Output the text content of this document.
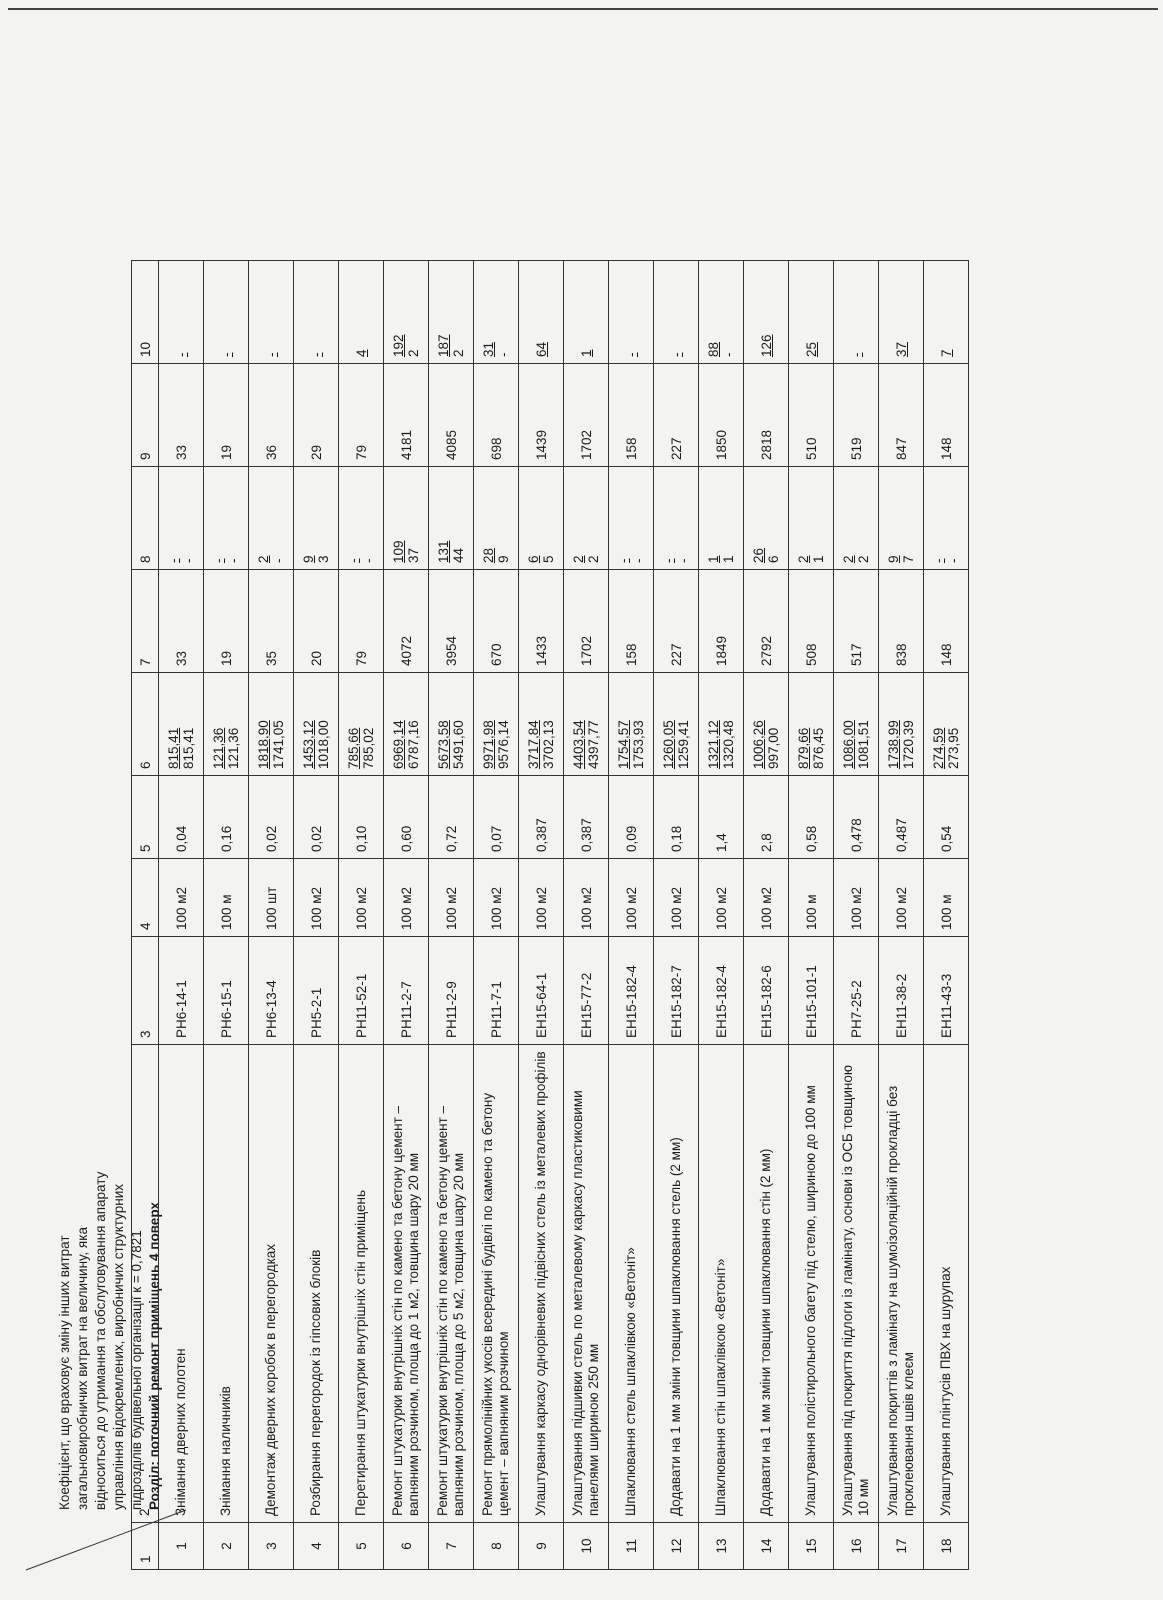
Коефіцієнт, що враховує зміну інших витрат загальновиробничих витрат на величину, яка відноситься до утримання та обслуговування апарату управління відокремлених, виробничих структурних підрозділів будівельної організації к = 0,7821 Розділ: поточний ремонт приміщень 4 поверх
1	2	3	4	5	6	7	8	9	10
1	Знімання дверних полотен	РН6-14-1	100 м2	0,04	815,41 815,41	33	- -	33	-

2	Знімання наличників	РН6-15-1	100 м	0,16	121,36 121,36	19	- -	19	-

3	Демонтаж дверних коробок в перегородках	РН6-13-4	100 шт	0,02	1818,90 1741,05	35	2 -	36	-

4	Розбирання перегородок із гіпсових блоків	РН5-2-1	100 м2	0,02	1453,12 1018,00	20	9 3	29	-

5	Перетирання штукатурки внутрішніх стін приміщень	РН11-52-1	100 м2	0,10	785,66 785,02	79	- -	79	4

6	Ремонт штукатурки внутрішніх стін по камено та бетону цемент – вапняним розчином, площа до 1 м2, товщина шару 20 мм	РН11-2-7	100 м2	0,60	6969,14 6787,16	4072	109 37	4181	192 2

7	Ремонт штукатурки внутрішніх стін по камено та бетону цемент – вапняним розчином, площа до 5 м2, товщина шару 20 мм	РН11-2-9	100 м2	0,72	5673,58 5491,60	3954	131 44	4085	187 2

8	Ремонт прямолінійних укосів всередині будівлі по камено та бетону цемент – вапняним розчином	РН11-7-1	100 м2	0,07	9971,98 9576,14	670	28 9	698	31 -

9	Улаштування каркасу однорівневих підвісних стель із металевих профілів	ЕН15-64-1	100 м2	0,387	3717,84 3702,13	1433	6 5	1439	64

10	Улаштування підшивки стель по металевому каркасу пластиковими панелями шириною 250 мм	ЕН15-77-2	100 м2	0,387	4403,54 4397,77	1702	2 2	1702	1

11	Шпаклювання стель шпаклівкою «Ветоніт»	ЕН15-182-4	100 м2	0,09	1754,57 1753,93	158	- -	158	-

12	Додавати на 1 мм зміни товщини шпаклювання стель (2 мм)	ЕН15-182-7	100 м2	0,18	1260,05 1259,41	227	- -	227	-

13	Шпаклювання стін шпаклівкою «Ветоніт»	ЕН15-182-4	100 м2	1,4	1321,12 1320,48	1849	1 1	1850	88 -

14	Додавати на 1 мм зміни товщини шпаклювання стін (2 мм)	ЕН15-182-6	100 м2	2,8	1006,26 997,00	2792	26 6	2818	126

15	Улаштування полістирольного багету під стелю, шириною до 100 мм	ЕН15-101-1	100 м	0,58	879,66 876,45	508	2 1	510	25

16	Улаштування під покриття підлоги із ламінату, основи із ОСБ товщиною 10 мм	РН7-25-2	100 м2	0,478	1086,00 1081,51	517	2 2	519	-

17	Улаштування покриттів з ламінату на шумоізоляційній прокладці без проклеювання швів клеєм	ЕН11-38-2	100 м2	0,487	1738,99 1720,39	838	9 7	847	37

18	Улаштування плінтусів ПВХ на шурупах	ЕН11-43-3	100 м	0,54	274,59 273,95	148	- -	148	7
